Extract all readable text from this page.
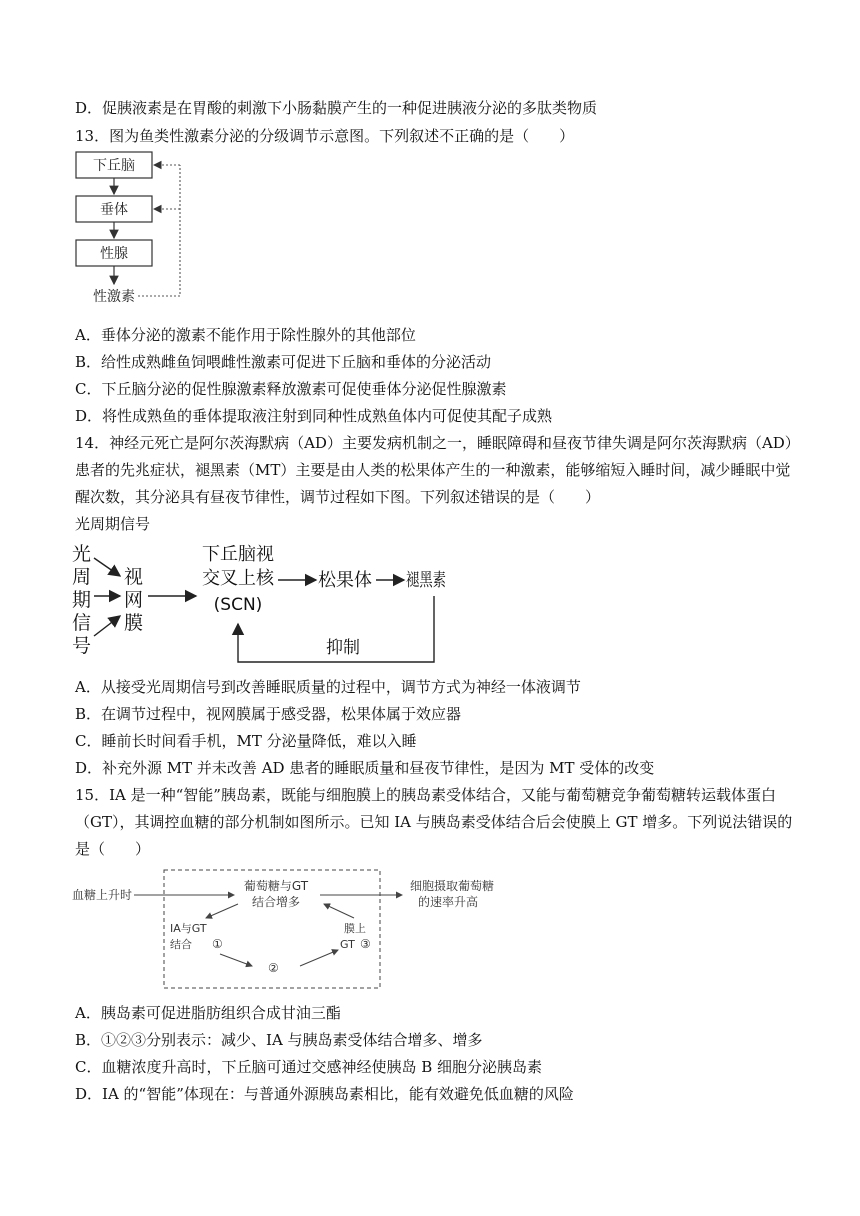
D．促胰液素是在胃酸的刺激下小肠黏膜产生的一种促进胰液分泌的多肽类物质
13．图为鱼类性激素分泌的分级调节示意图。下列叙述不正确的是（　　）
下丘脑
垂体
性腺
性激素
A．垂体分泌的激素不能作用于除性腺外的其他部位
B．给性成熟雌鱼饲喂雌性激素可促进下丘脑和垂体的分泌活动
C．下丘脑分泌的促性腺激素释放激素可促使垂体分泌促性腺激素
D．将性成熟鱼的垂体提取液注射到同种性成熟鱼体内可促使其配子成熟
14．神经元死亡是阿尔茨海默病（AD）主要发病机制之一，睡眠障碍和昼夜节律失调是阿尔茨海默病（AD）
患者的先兆症状，褪黑素（MT）主要是由人类的松果体产生的一种激素，能够缩短入睡时间，减少睡眠中觉
醒次数，其分泌具有昼夜节律性，调节过程如下图。下列叙述错误的是（　　）
光周期信号
光
周
期
信
号
视
网
膜
下丘脑视
交叉上核
(SCN)
松果体 褪黑素
抑制
A．从接受光周期信号到改善睡眠质量的过程中，调节方式为神经一体液调节
B．在调节过程中，视网膜属于感受器，松果体属于效应器
C．睡前长时间看手机，MT 分泌量降低，难以入睡
D．补充外源 MT 并未改善 AD 患者的睡眠质量和昼夜节律性，是因为 MT 受体的改变
15．IA 是一种“智能”胰岛素，既能与细胞膜上的胰岛素受体结合，又能与葡萄糖竞争葡萄糖转运载体蛋白
（GT），其调控血糖的部分机制如图所示。已知 IA 与胰岛素受体结合后会使膜上 GT 增多。下列说法错误的
是（　　）
血糖上升时
葡萄糖与GT
结合增多
细胞摄取葡萄糖
的速率升高
IA与GT
结合 ①
②
膜上
GT ③
A．胰岛素可促进脂肪组织合成甘油三酯
B．①②③分别表示：减少、IA 与胰岛素受体结合增多、增多
C．血糖浓度升高时，下丘脑可通过交感神经使胰岛 B 细胞分泌胰岛素
D．IA 的“智能”体现在：与普通外源胰岛素相比，能有效避免低血糖的风险
